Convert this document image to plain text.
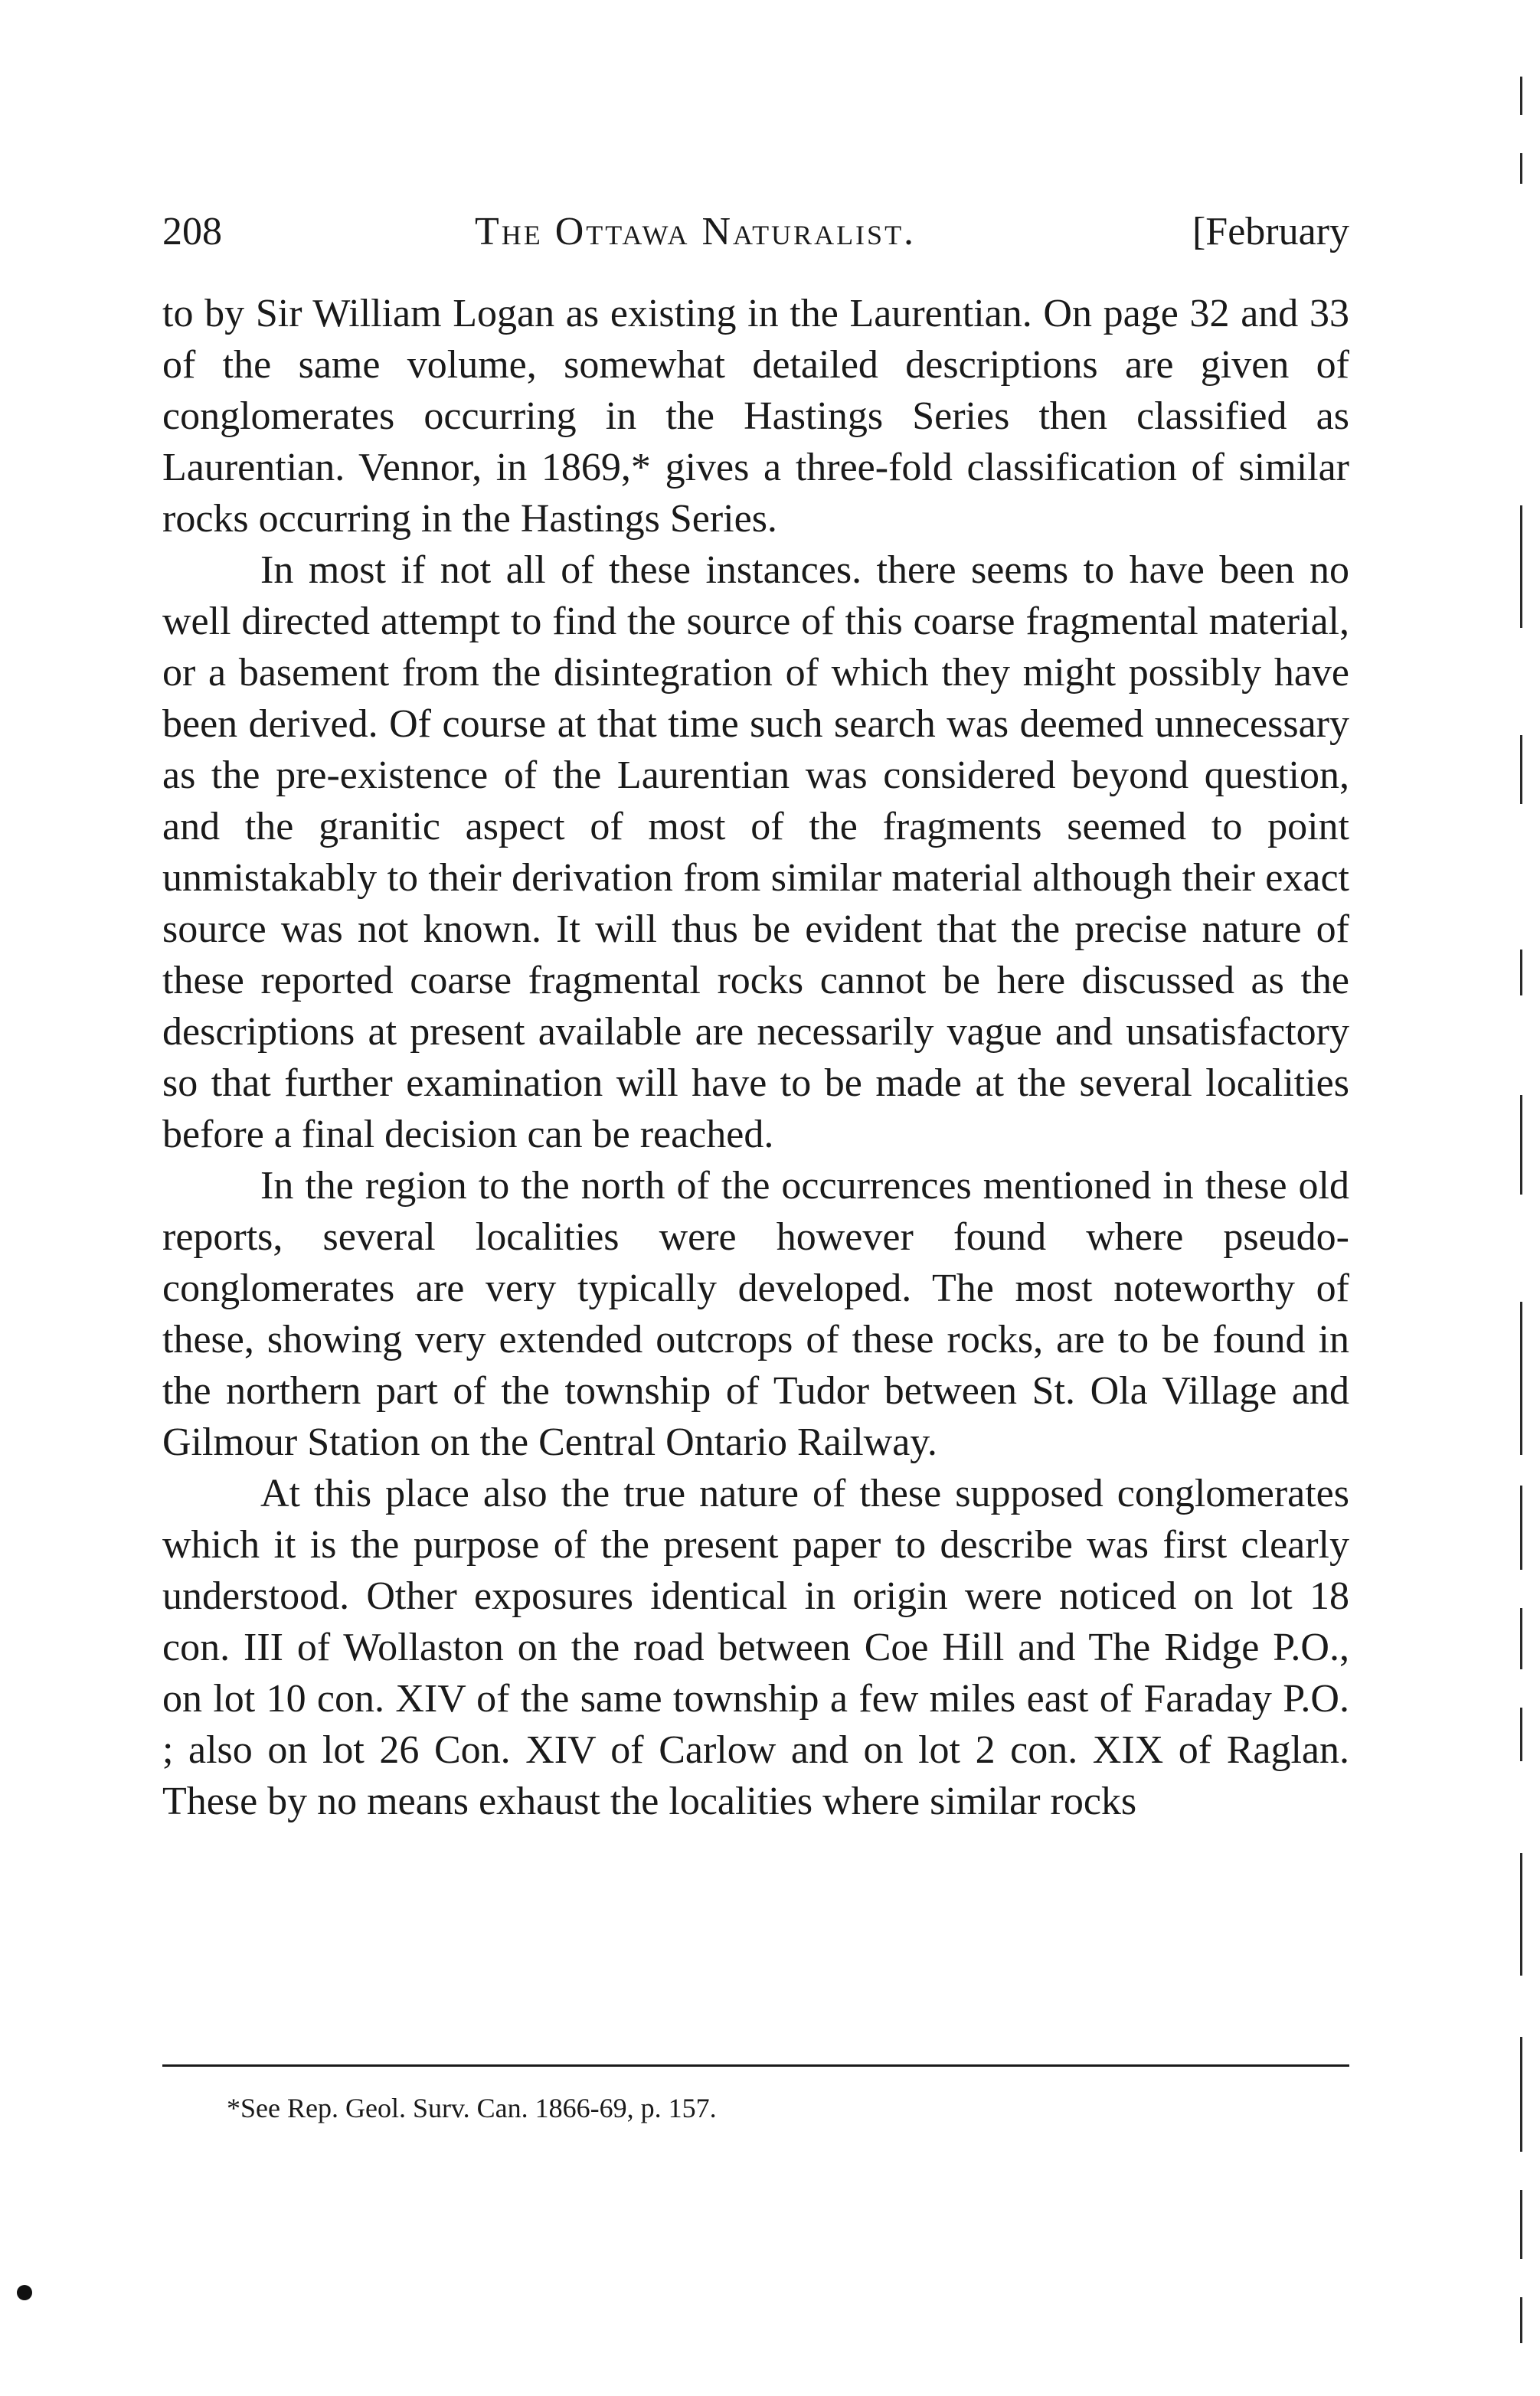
208	The Ottawa Naturalist.	[February

to by Sir William Logan as existing in the Laurentian. On page 32 and 33 of the same volume, somewhat detailed descriptions are given of conglomerates occurring in the Hastings Series then classified as Laurentian. Vennor, in 1869,* gives a three-fold classification of similar rocks occurring in the Hastings Series.

In most if not all of these instances. there seems to have been no well directed attempt to find the source of this coarse fragmental material, or a basement from the disintegration of which they might possibly have been derived. Of course at that time such search was deemed unnecessary as the pre-existence of the Laurentian was considered beyond question, and the granitic aspect of most of the fragments seemed to point unmistakably to their derivation from similar material although their exact source was not known. It will thus be evident that the precise nature of these reported coarse fragmental rocks cannot be here discussed as the descriptions at present available are necessarily vague and unsatisfactory so that further examination will have to be made at the several localities before a final decision can be reached.

In the region to the north of the occurrences mentioned in these old reports, several localities were however found where pseudo-conglomerates are very typically developed. The most noteworthy of these, showing very extended outcrops of these rocks, are to be found in the northern part of the township of Tudor between St. Ola Village and Gilmour Station on the Central Ontario Railway.

At this place also the true nature of these supposed conglomerates which it is the purpose of the present paper to describe was first clearly understood. Other exposures identical in origin were noticed on lot 18 con. III of Wollaston on the road between Coe Hill and The Ridge P.O., on lot 10 con. XIV of the same township a few miles east of Faraday P.O. ; also on lot 26 Con. XIV of Carlow and on lot 2 con. XIX of Raglan. These by no means exhaust the localities where similar rocks

*See Rep. Geol. Surv. Can. 1866-69, p. 157.
